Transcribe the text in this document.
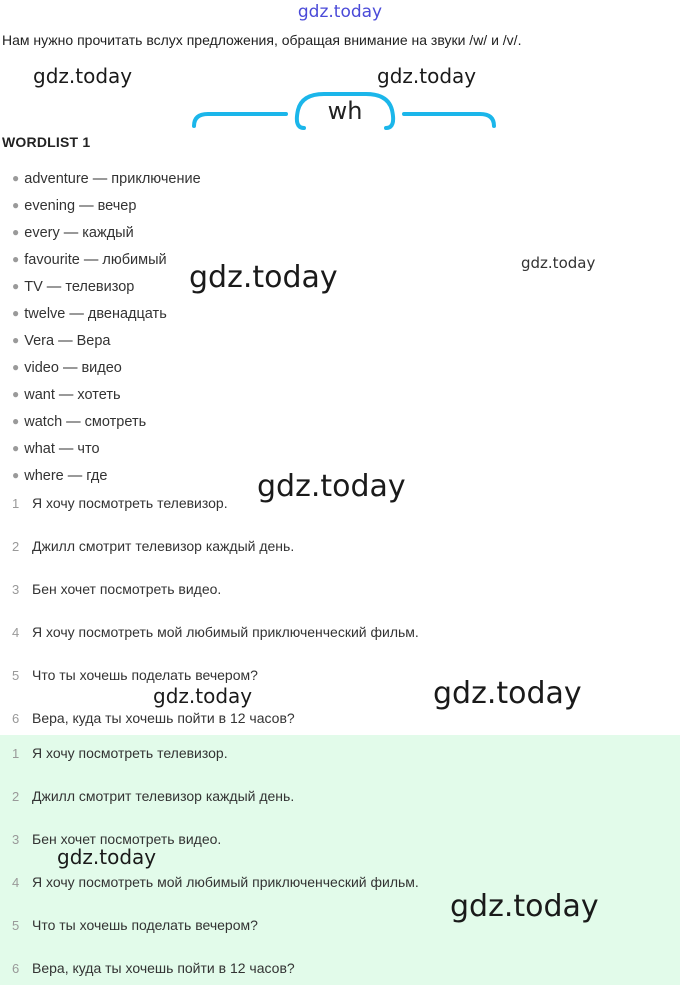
gdz.today
Нам нужно прочитать вслух предложения, обращая внимание на звуки /w/ и /v/.
wh
WORDLIST 1
● adventure — приключение
● evening — вечер
● every — каждый
● favourite — любимый
● TV — телевизор
● twelve — двенадцать
● Vera — Вера
● video — видео
● want — хотеть
● watch — смотреть
● what — что
● where — где
1 Я хочу посмотреть телевизор.
2 Джилл смотрит телевизор каждый день.
3 Бен хочет посмотреть видео.
4 Я хочу посмотреть мой любимый приключенческий фильм.
5 Что ты хочешь поделать вечером?
6 Вера, куда ты хочешь пойти в 12 часов?
1 Я хочу посмотреть телевизор.
2 Джилл смотрит телевизор каждый день.
3 Бен хочет посмотреть видео.
4 Я хочу посмотреть мой любимый приключенческий фильм.
5 Что ты хочешь поделать вечером?
6 Вера, куда ты хочешь пойти в 12 часов?
gdz.today	gdz.today
gdz.today	gdz.today
gdz.today
gdz.today	gdz.today
gdz.today
gdz.today
